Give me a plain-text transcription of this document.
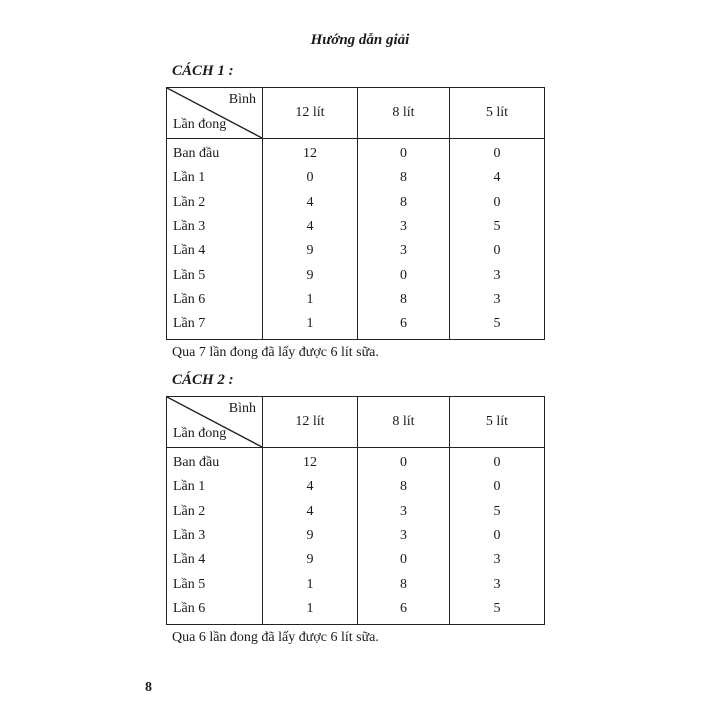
Hướng dẫn giải
CÁCH 1 :
Bình
Lần đong	12 lít	8 lít	5 lít
Ban đầu	12	0	0
Lần 1	0	8	4
Lần 2	4	8	0
Lần 3	4	3	5
Lần 4	9	3	0
Lần 5	9	0	3
Lần 6	1	8	3
Lần 7	1	6	5
Qua 7 lần đong đã lấy được 6 lít sữa.
CÁCH 2 :
Bình
Lần đong	12 lít	8 lít	5 lít
Ban đầu	12	0	0
Lần 1	4	8	0
Lần 2	4	3	5
Lần 3	9	3	0
Lần 4	9	0	3
Lần 5	1	8	3
Lần 6	1	6	5
Qua 6 lần đong đã lấy được 6 lít sữa.
8
